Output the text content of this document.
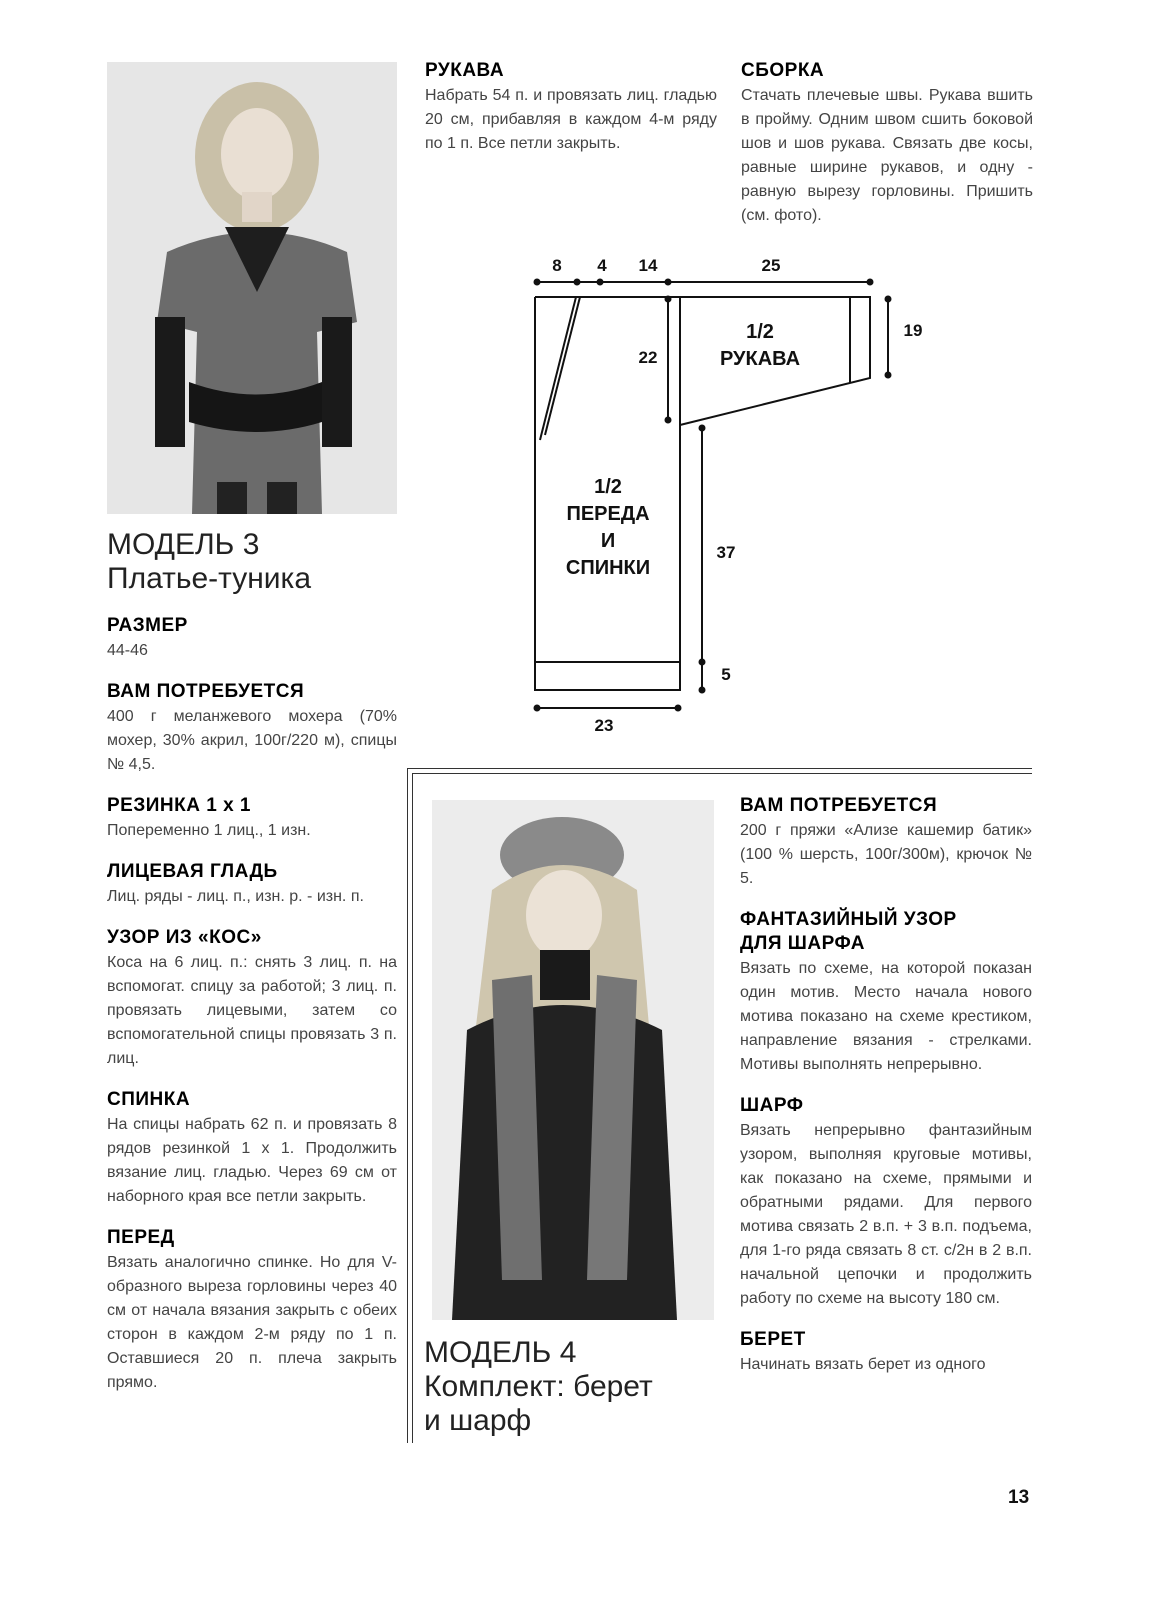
МОДЕЛЬ 3
Платье-туника
РАЗМЕР

44-46

ВАМ ПОТРЕБУЕТСЯ

400 г меланжевого мохера (70% мохер, 30% акрил, 100г/220 м), спицы № 4,5.

РЕЗИНКА 1 х 1

Попеременно 1 лиц., 1 изн.

ЛИЦЕВАЯ ГЛАДЬ

Лиц. ряды - лиц. п., изн. р. - изн. п.

УЗОР ИЗ «КОС»

Коса на 6 лиц. п.: снять 3 лиц. п. на вспомогат. спицу за работой; 3 лиц. п. провязать лицевыми, затем со вспомогательной спицы провязать 3 п. лиц.

СПИНКА

На спицы набрать 62 п. и провязать 8 рядов резинкой 1 х 1. Продолжить вязание лиц. гладью. Через 69 см от наборного края все петли закрыть.

ПЕРЕД

Вязать аналогично спинке. Но для V-образного выреза горловины через 40 см от начала вязания закрыть с обеих сторон в каждом 2-м ряду по 1 п. Оставшиеся 20 п. плеча закрыть прямо.

РУКАВА

Набрать 54 п. и провязать лиц. гладью 20 см, прибавляя в каждом 4-м ряду по 1 п. Все петли закрыть.

СБОРКА

Стачать плечевые швы. Рукава вшить в пройму. Одним швом сшить боковой шов и шов рукава. Связать две косы, равные ширине рукавов, и одну - равную вырезу горловины. Пришить (см. фото).

8 4 14	25
22
19
37
5
23
1/2
РУКАВА
1/2
ПЕРЕДА
И
СПИНКИ
МОДЕЛЬ 4
Комплект: берет
и шарф
ВАМ ПОТРЕБУЕТСЯ

200 г пряжи «Ализе кашемир батик» (100 % шерсть, 100г/300м), крючок № 5.

ФАНТАЗИЙНЫЙ УЗОР
ДЛЯ ШАРФА

Вязать по схеме, на которой показан один мотив. Место начала нового мотива показано на схеме крестиком, направление вязания - стрелками. Мотивы выполнять непрерывно.

ШАРФ

Вязать непрерывно фантазийным узором, выполняя круговые мотивы, как показано на схеме, прямыми и обратными рядами. Для первого мотива связать 2 в.п. + 3 в.п. подъема, для 1-го ряда связать 8 ст. с/2н в 2 в.п. начальной цепочки и продолжить работу по схеме на высоту 180 см.

БЕРЕТ

Начинать вязать берет из одного

13
